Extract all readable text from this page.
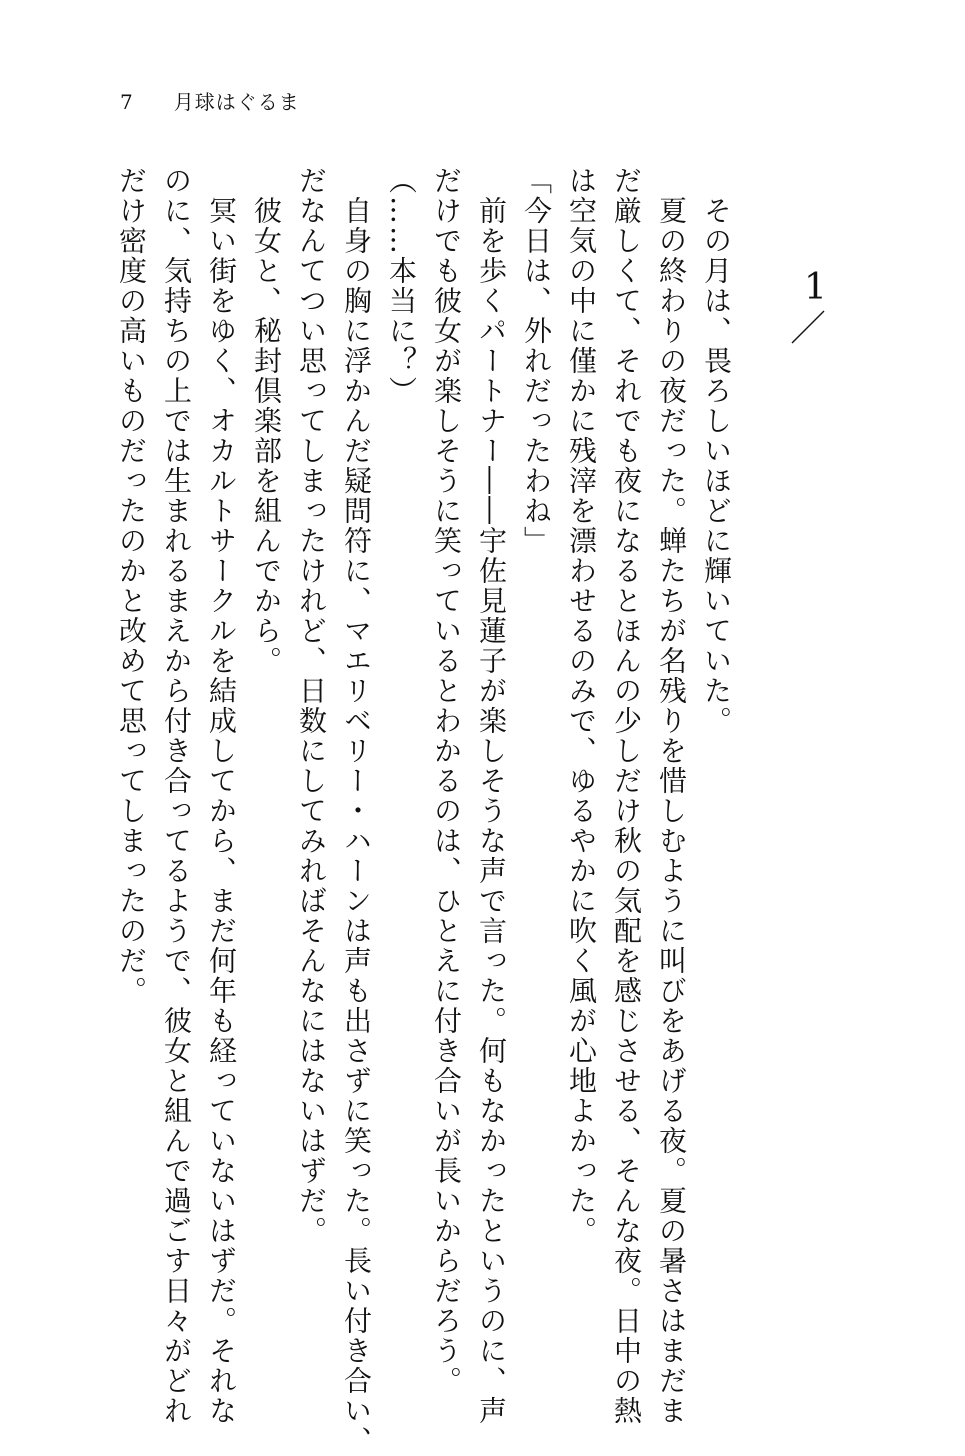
7 月球はぐるま
1
その月は、畏ろしいほどに輝いていた。
夏の終わりの夜だった。蝉たちが名残りを惜しむように叫びをあげる夜。夏の暑さはまだま
だ厳しくて、それでも夜になるとほんの少しだけ秋の気配を感じさせる、そんな夜。日中の熱
は空気の中に僅かに残滓を漂わせるのみで、ゆるやかに吹く風が心地よかった。
「今日は、外れだったわね」
前を歩くパートナー――宇佐見蓮子が楽しそうな声で言った。何もなかったというのに、声
だけでも彼女が楽しそうに笑っているとわかるのは、ひとえに付き合いが長いからだろう。
（……本当に？）
自身の胸に浮かんだ疑問符に、マエリベリー・ハーンは声も出さずに笑った。長い付き合い、
だなんてつい思ってしまったけれど、日数にしてみればそんなにはないはずだ。
彼女と、秘封倶楽部を組んでから。
冥い街をゆく、オカルトサークルを結成してから、まだ何年も経っていないはずだ。それな
のに、気持ちの上では生まれるまえから付き合ってるようで、彼女と組んで過ごす日々がどれ
だけ密度の高いものだったのかと改めて思ってしまったのだ。
